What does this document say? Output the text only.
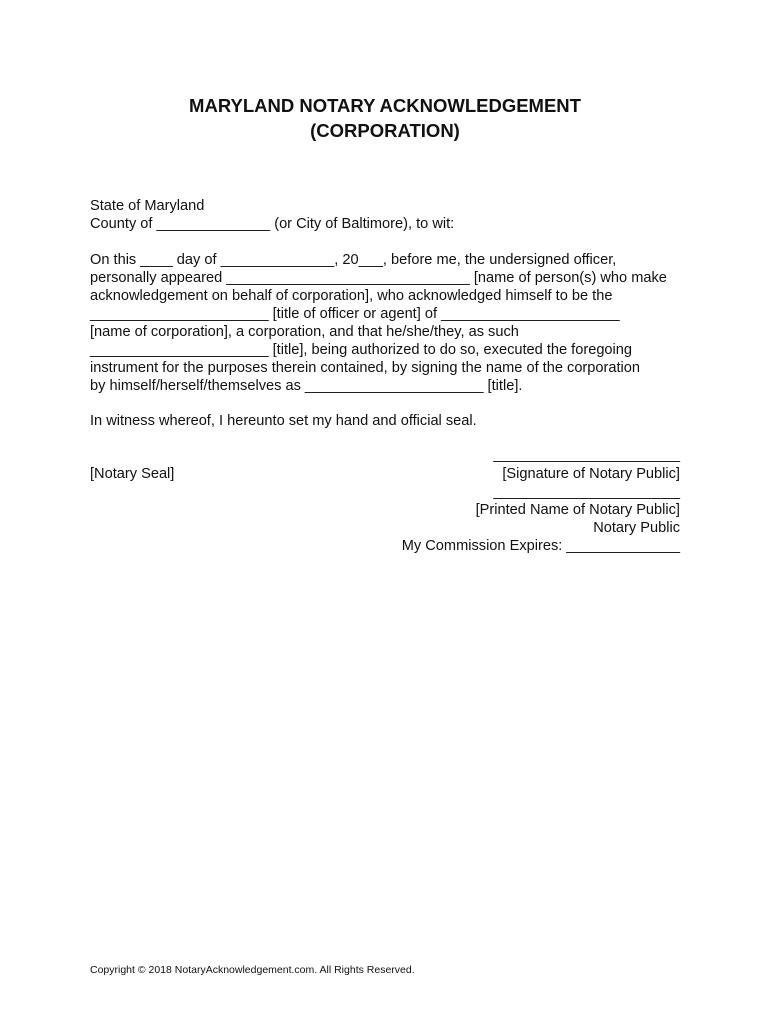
MARYLAND NOTARY ACKNOWLEDGEMENT
(CORPORATION)
State of Maryland
County of ______________ (or City of Baltimore), to wit:
On this ____ day of ______________, 20___, before me, the undersigned officer,
personally appeared ______________________________ [name of person(s) who make
acknowledgement on behalf of corporation], who acknowledged himself to be the
______________________ [title of officer or agent] of ______________________
[name of corporation], a corporation, and that he/she/they, as such
______________________ [title], being authorized to do so, executed the foregoing
instrument for the purposes therein contained, by signing the name of the corporation
by himself/herself/themselves as ______________________ [title].
In witness whereof, I hereunto set my hand and official seal.
_______________________
[Notary Seal]	[Signature of Notary Public]
_______________________
[Printed Name of Notary Public]
Notary Public
My Commission Expires: ______________
Copyright © 2018 NotaryAcknowledgement.com. All Rights Reserved.
